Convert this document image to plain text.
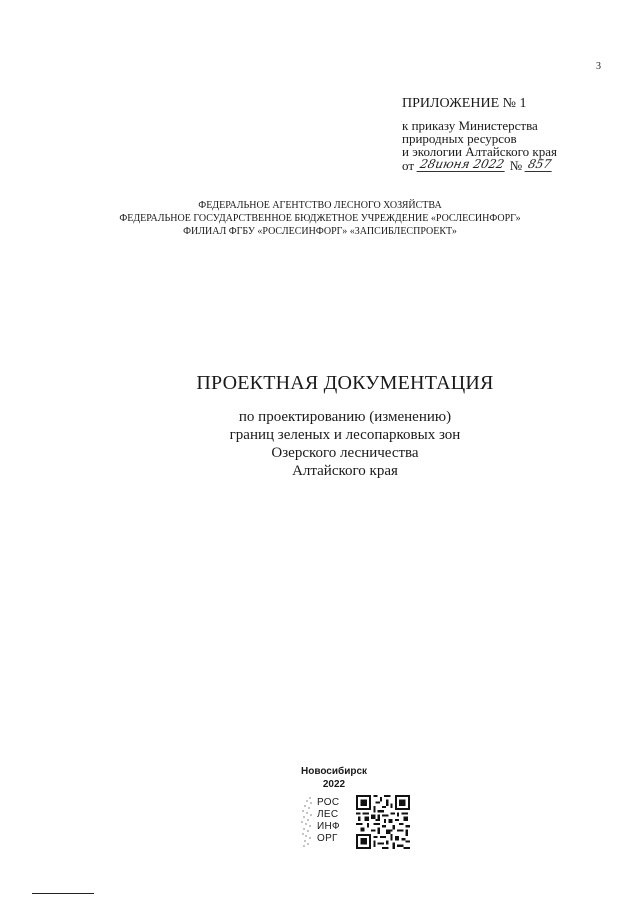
3
ПРИЛОЖЕНИЕ № 1
к приказу Министерства
природных ресурсов
и экологии Алтайского края
от 28июня 2022 № 857
ФЕДЕРАЛЬНОЕ АГЕНТСТВО ЛЕСНОГО ХОЗЯЙСТВА
ФЕДЕРАЛЬНОЕ ГОСУДАРСТВЕННОЕ БЮДЖЕТНОЕ УЧРЕЖДЕНИЕ «РОСЛЕСИНФОРГ»
ФИЛИАЛ ФГБУ «РОСЛЕСИНФОРГ» «ЗАПСИБЛЕСПРОЕКТ»
ПРОЕКТНАЯ ДОКУМЕНТАЦИЯ
по проектированию (изменению)
границ зеленых и лесопарковых зон
Озерского лесничества
Алтайского края
Новосибирск
2022
РОС
ЛЕС
ИНФ
ОРГ
